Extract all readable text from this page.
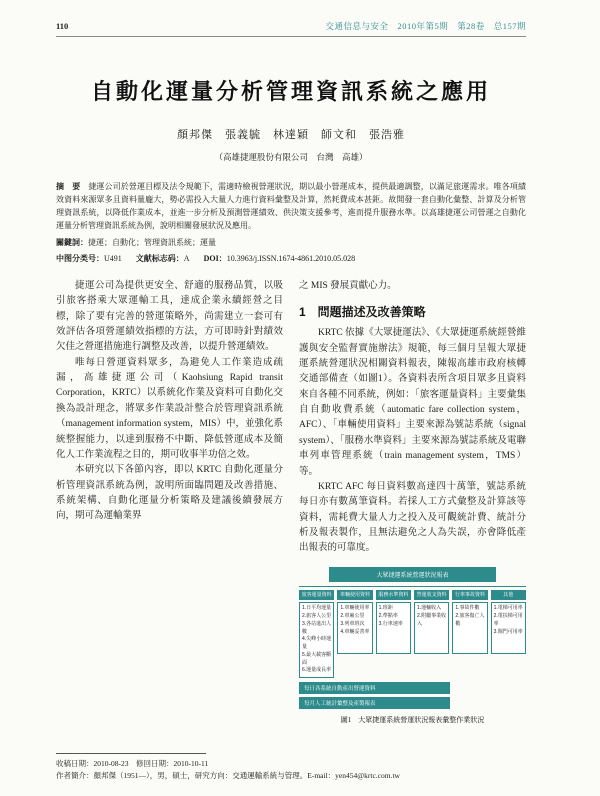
110	交通信息与安全　2010年第5期　第28卷　总157期
自動化運量分析管理資訊系統之應用
顏邦傑　張義毓　林達穎　師文和　張浩雅
（高雄捷運股份有限公司　台灣　高雄）
摘　要 捷運公司於營運目標及法令規範下，需適時檢視營運狀況，期以最小營運成本，提供最適調整，以滿足旅運需求。唯各項績效資料來源眾多且資料量龐大，勢必需投入大量人力進行資料彙整及計算，然耗費成本甚鉅。故開發一套自動化彙整、計算及分析管理資訊系統，以降低作業成本，並進一步分析及預測營運績效、供決策支援參考，進而提升服務水準。以高雄捷運公司營運之自動化運量分析管理資訊系統為例，說明相關發展狀況及應用。
關鍵詞：捷運；自動化；管理資訊系統；運量
中图分类号：U491 文献标志码：A DOI：10.3963/j.ISSN.1674-4861.2010.05.028

捷運公司為提供更安全、舒適的服務品質，以吸引旅客搭乘大眾運輸工具，達成企業永續經營之目標，除了要有完善的營運策略外，尚需建立一套可有效評估各項營運績效指標的方法，方可即時針對績效欠佳之營運措施進行調整及改善，以提升營運績效。

唯每日營運資料眾多，為避免人工作業造成疏漏，高雄捷運公司（Kaohsiung Rapid transit Corporation，KRTC）以系統化作業及資料可自動化交換為設計理念，將眾多作業設計整合於管理資訊系統（management information system，MIS）中，並強化系統整握能力，以達到服務不中斷、降低營運成本及簡化人工作業流程之目的，期可收事半功倍之效。

本研究以下各節內容，即以 KRTC 自動化運量分析管理資訊系統為例，說明所面臨問題及改善措施、系統架構、自動化運量分析策略及建議後續發展方向，期可為運輸業界

之 MIS 發展貢獻心力。

1　問題描述及改善策略

KRTC 依據《大眾捷運法》、《大眾捷運系統經營維護與安全監督實施辦法》規範，每三個月呈報大眾捷運系統營運狀況相關資料報表，陳報高雄市政府核轉交通部備查（如圖1）。各資料表所含項目眾多且資料來自各種不同系統，例如：「旅客運量資料」主要彙集自自動收費系統（automatic fare collection system，AFC）、「車輛使用資料」主要來源為號誌系統（signal system）、「服務水準資料」主要來源為號誌系統及電聯車列車管理系統（train management system，TMS）等。

KRTC AFC 每日資料數高達四十萬筆，號誌系統每日亦有數萬筆資料。若採人工方式彙整及計算該等資料，需耗費大量人力之投入及可觀統計費、統計分析及報表製作，且無法避免之人為失誤，亦會降低產出報表的可靠度。

大眾捷運系統營運狀況報表
旅客運量資料
1.日平均運量
2.旅客人公里
3.各站進出人數
4.尖峰小時運量
5.最大載客斷面
6.運量成長率
車輛使用資料
1.車輛使用率
2.車廂公里
3.列車班次
4.車輛妥善率
服務水準資料
1.班距
2.準點率
3.行車速率
營運收支資料
1.運輸收入
2.附屬事業收入
行車事故資料
1.事故件數
2.旅客傷亡人數
其他
1.電梯可用率
2.電扶梯可用率
3.閘門可用率
每日各系統自動產出營運資料
每月人工統計彙整及產製報表
圖1　大眾捷運系統營運狀況報表彙整作業狀況
收稿日期：2010-08-23　修回日期：2010-10-11
作者簡介：顏邦傑（1951—），男，碩士，研究方向：交通運輸系統与管理。E-mail：yen454@krtc.com.tw
